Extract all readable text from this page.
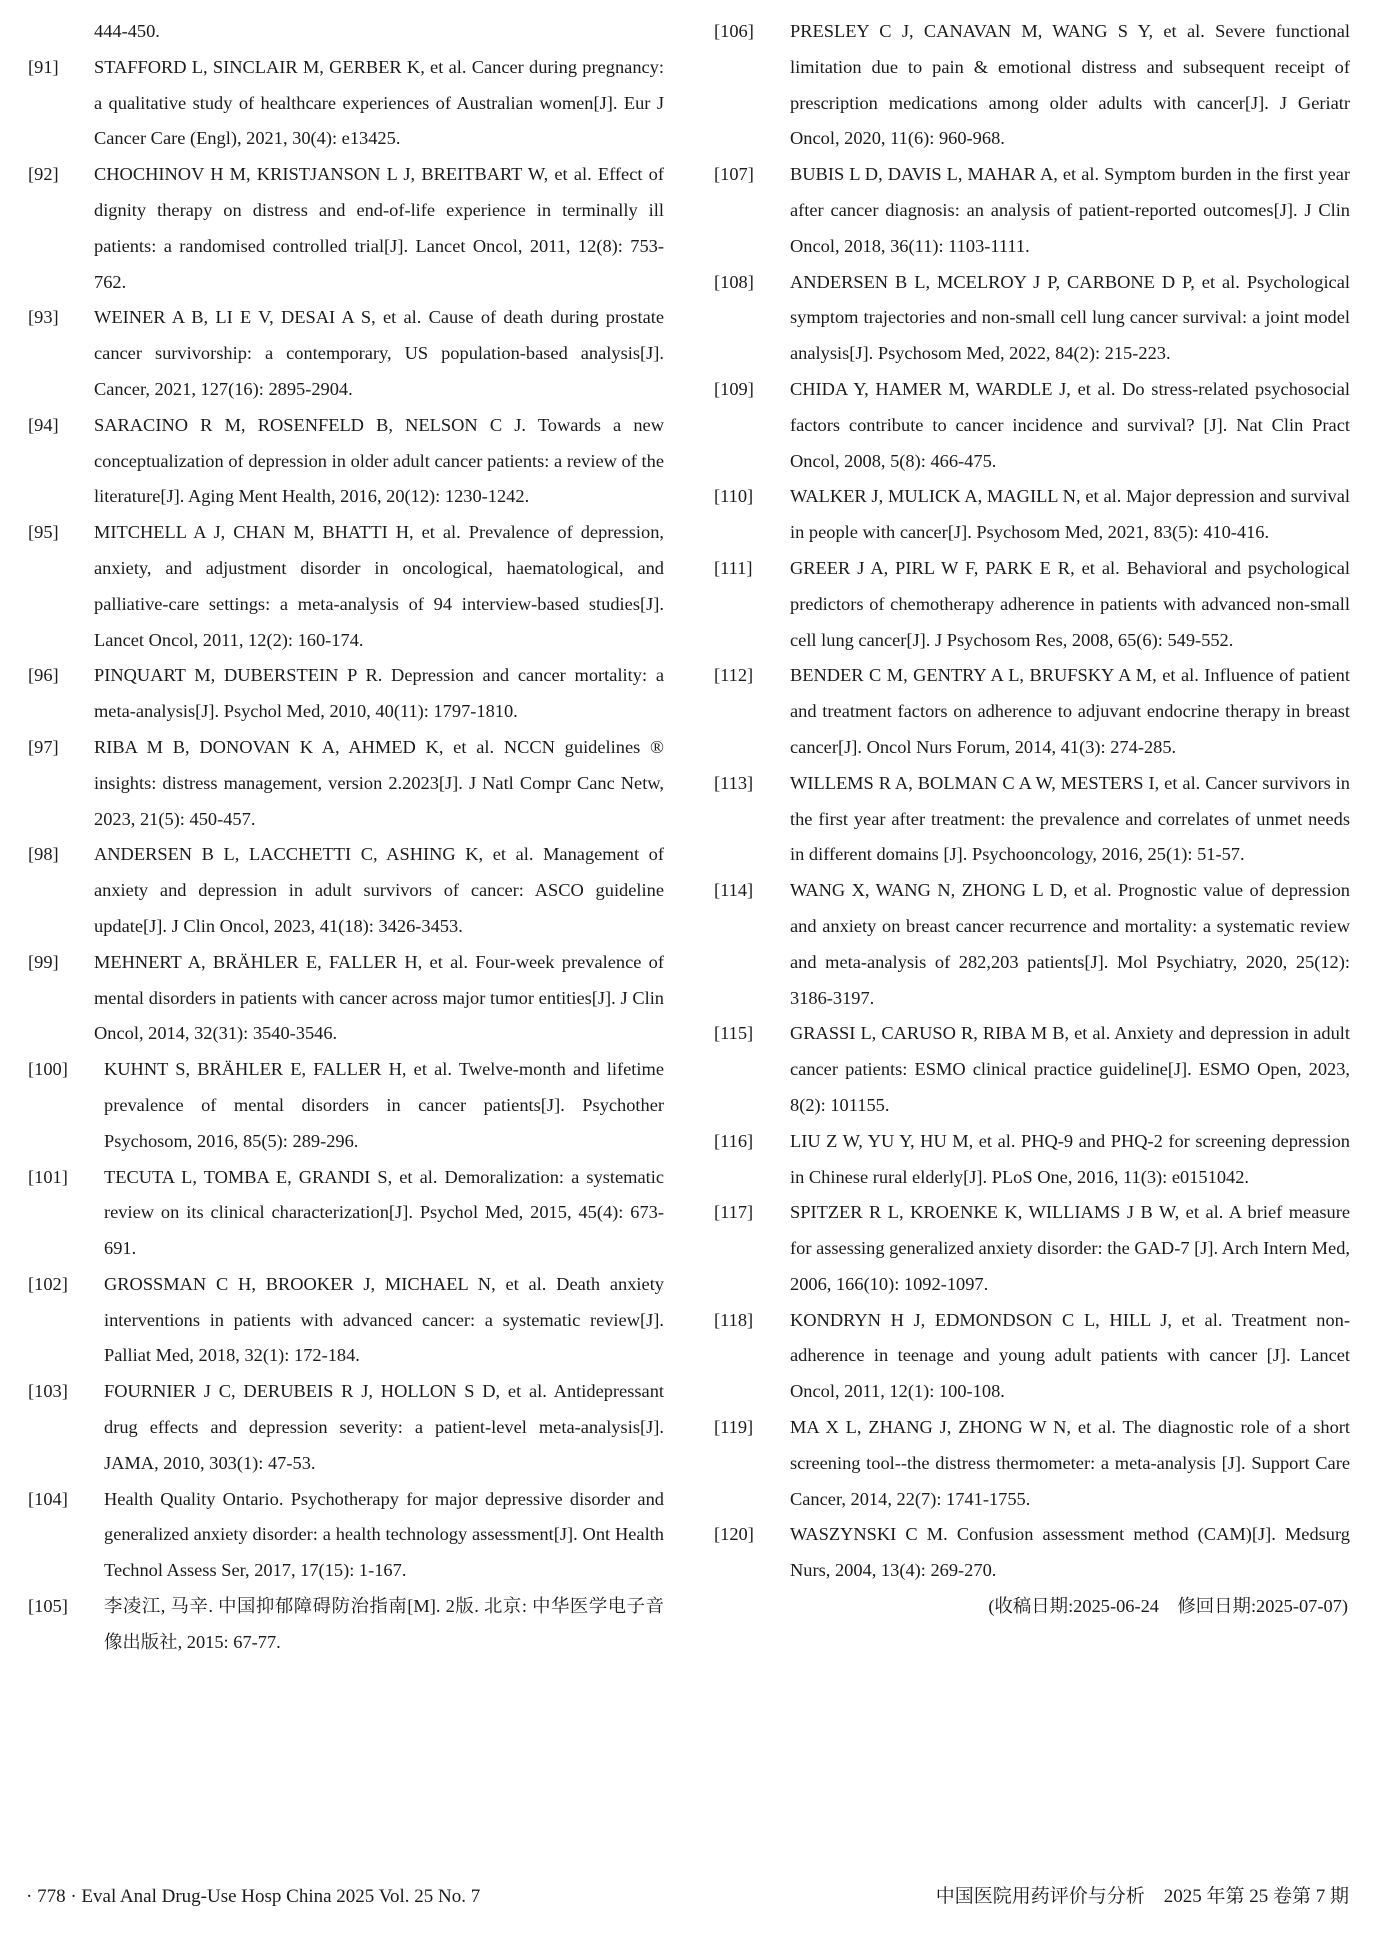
444-450.
[91]	STAFFORD L, SINCLAIR M, GERBER K, et al. Cancer during pregnancy: a qualitative study of healthcare experiences of Australian women[J]. Eur J Cancer Care (Engl), 2021, 30(4): e13425.
[92]	CHOCHINOV H M, KRISTJANSON L J, BREITBART W, et al. Effect of dignity therapy on distress and end-of-life experience in terminally ill patients: a randomised controlled trial[J]. Lancet Oncol, 2011, 12(8): 753-762.
[93]	WEINER A B, LI E V, DESAI A S, et al. Cause of death during prostate cancer survivorship: a contemporary, US population-based analysis[J]. Cancer, 2021, 127(16): 2895-2904.
[94]	SARACINO R M, ROSENFELD B, NELSON C J. Towards a new conceptualization of depression in older adult cancer patients: a review of the literature[J]. Aging Ment Health, 2016, 20(12): 1230-1242.
[95]	MITCHELL A J, CHAN M, BHATTI H, et al. Prevalence of depression, anxiety, and adjustment disorder in oncological, haematological, and palliative-care settings: a meta-analysis of 94 interview-based studies[J]. Lancet Oncol, 2011, 12(2): 160-174.
[96]	PINQUART M, DUBERSTEIN P R. Depression and cancer mortality: a meta-analysis[J]. Psychol Med, 2010, 40(11): 1797-1810.
[97]	RIBA M B, DONOVAN K A, AHMED K, et al. NCCN guidelines ® insights: distress management, version 2.2023[J]. J Natl Compr Canc Netw, 2023, 21(5): 450-457.
[98]	ANDERSEN B L, LACCHETTI C, ASHING K, et al. Management of anxiety and depression in adult survivors of cancer: ASCO guideline update[J]. J Clin Oncol, 2023, 41(18): 3426-3453.
[99]	MEHNERT A, BRÄHLER E, FALLER H, et al. Four-week prevalence of mental disorders in patients with cancer across major tumor entities[J]. J Clin Oncol, 2014, 32(31): 3540-3546.
[100]	KUHNT S, BRÄHLER E, FALLER H, et al. Twelve-month and lifetime prevalence of mental disorders in cancer patients[J]. Psychother Psychosom, 2016, 85(5): 289-296.
[101]	TECUTA L, TOMBA E, GRANDI S, et al. Demoralization: a systematic review on its clinical characterization[J]. Psychol Med, 2015, 45(4): 673-691.
[102]	GROSSMAN C H, BROOKER J, MICHAEL N, et al. Death anxiety interventions in patients with advanced cancer: a systematic review[J]. Palliat Med, 2018, 32(1): 172-184.
[103]	FOURNIER J C, DERUBEIS R J, HOLLON S D, et al. Antidepressant drug effects and depression severity: a patient-level meta-analysis[J]. JAMA, 2010, 303(1): 47-53.
[104]	Health Quality Ontario. Psychotherapy for major depressive disorder and generalized anxiety disorder: a health technology assessment[J]. Ont Health Technol Assess Ser, 2017, 17(15): 1-167.
[105]	李凌江, 马辛. 中国抑郁障碍防治指南[M]. 2版. 北京: 中华医学电子音像出版社, 2015: 67-77.
[106]	PRESLEY C J, CANAVAN M, WANG S Y, et al. Severe functional limitation due to pain & emotional distress and subsequent receipt of prescription medications among older adults with cancer[J]. J Geriatr Oncol, 2020, 11(6): 960-968.
[107]	BUBIS L D, DAVIS L, MAHAR A, et al. Symptom burden in the first year after cancer diagnosis: an analysis of patient-reported outcomes[J]. J Clin Oncol, 2018, 36(11): 1103-1111.
[108]	ANDERSEN B L, MCELROY J P, CARBONE D P, et al. Psychological symptom trajectories and non-small cell lung cancer survival: a joint model analysis[J]. Psychosom Med, 2022, 84(2): 215-223.
[109]	CHIDA Y, HAMER M, WARDLE J, et al. Do stress-related psychosocial factors contribute to cancer incidence and survival? [J]. Nat Clin Pract Oncol, 2008, 5(8): 466-475.
[110]	WALKER J, MULICK A, MAGILL N, et al. Major depression and survival in people with cancer[J]. Psychosom Med, 2021, 83(5): 410-416.
[111]	GREER J A, PIRL W F, PARK E R, et al. Behavioral and psychological predictors of chemotherapy adherence in patients with advanced non-small cell lung cancer[J]. J Psychosom Res, 2008, 65(6): 549-552.
[112]	BENDER C M, GENTRY A L, BRUFSKY A M, et al. Influence of patient and treatment factors on adherence to adjuvant endocrine therapy in breast cancer[J]. Oncol Nurs Forum, 2014, 41(3): 274-285.
[113]	WILLEMS R A, BOLMAN C A W, MESTERS I, et al. Cancer survivors in the first year after treatment: the prevalence and correlates of unmet needs in different domains [J]. Psychooncology, 2016, 25(1): 51-57.
[114]	WANG X, WANG N, ZHONG L D, et al. Prognostic value of depression and anxiety on breast cancer recurrence and mortality: a systematic review and meta-analysis of 282,203 patients[J]. Mol Psychiatry, 2020, 25(12): 3186-3197.
[115]	GRASSI L, CARUSO R, RIBA M B, et al. Anxiety and depression in adult cancer patients: ESMO clinical practice guideline[J]. ESMO Open, 2023, 8(2): 101155.
[116]	LIU Z W, YU Y, HU M, et al. PHQ-9 and PHQ-2 for screening depression in Chinese rural elderly[J]. PLoS One, 2016, 11(3): e0151042.
[117]	SPITZER R L, KROENKE K, WILLIAMS J B W, et al. A brief measure for assessing generalized anxiety disorder: the GAD-7 [J]. Arch Intern Med, 2006, 166(10): 1092-1097.
[118]	KONDRYN H J, EDMONDSON C L, HILL J, et al. Treatment non-adherence in teenage and young adult patients with cancer [J]. Lancet Oncol, 2011, 12(1): 100-108.
[119]	MA X L, ZHANG J, ZHONG W N, et al. The diagnostic role of a short screening tool--the distress thermometer: a meta-analysis [J]. Support Care Cancer, 2014, 22(7): 1741-1755.
[120]	WASZYNSKI C M. Confusion assessment method (CAM)[J]. Medsurg Nurs, 2004, 13(4): 269-270.
(收稿日期:2025-06-24　修回日期:2025-07-07)
· 778 · Eval Anal Drug-Use Hosp China 2025 Vol. 25 No. 7	中国医院用药评价与分析　2025 年第 25 卷第 7 期
